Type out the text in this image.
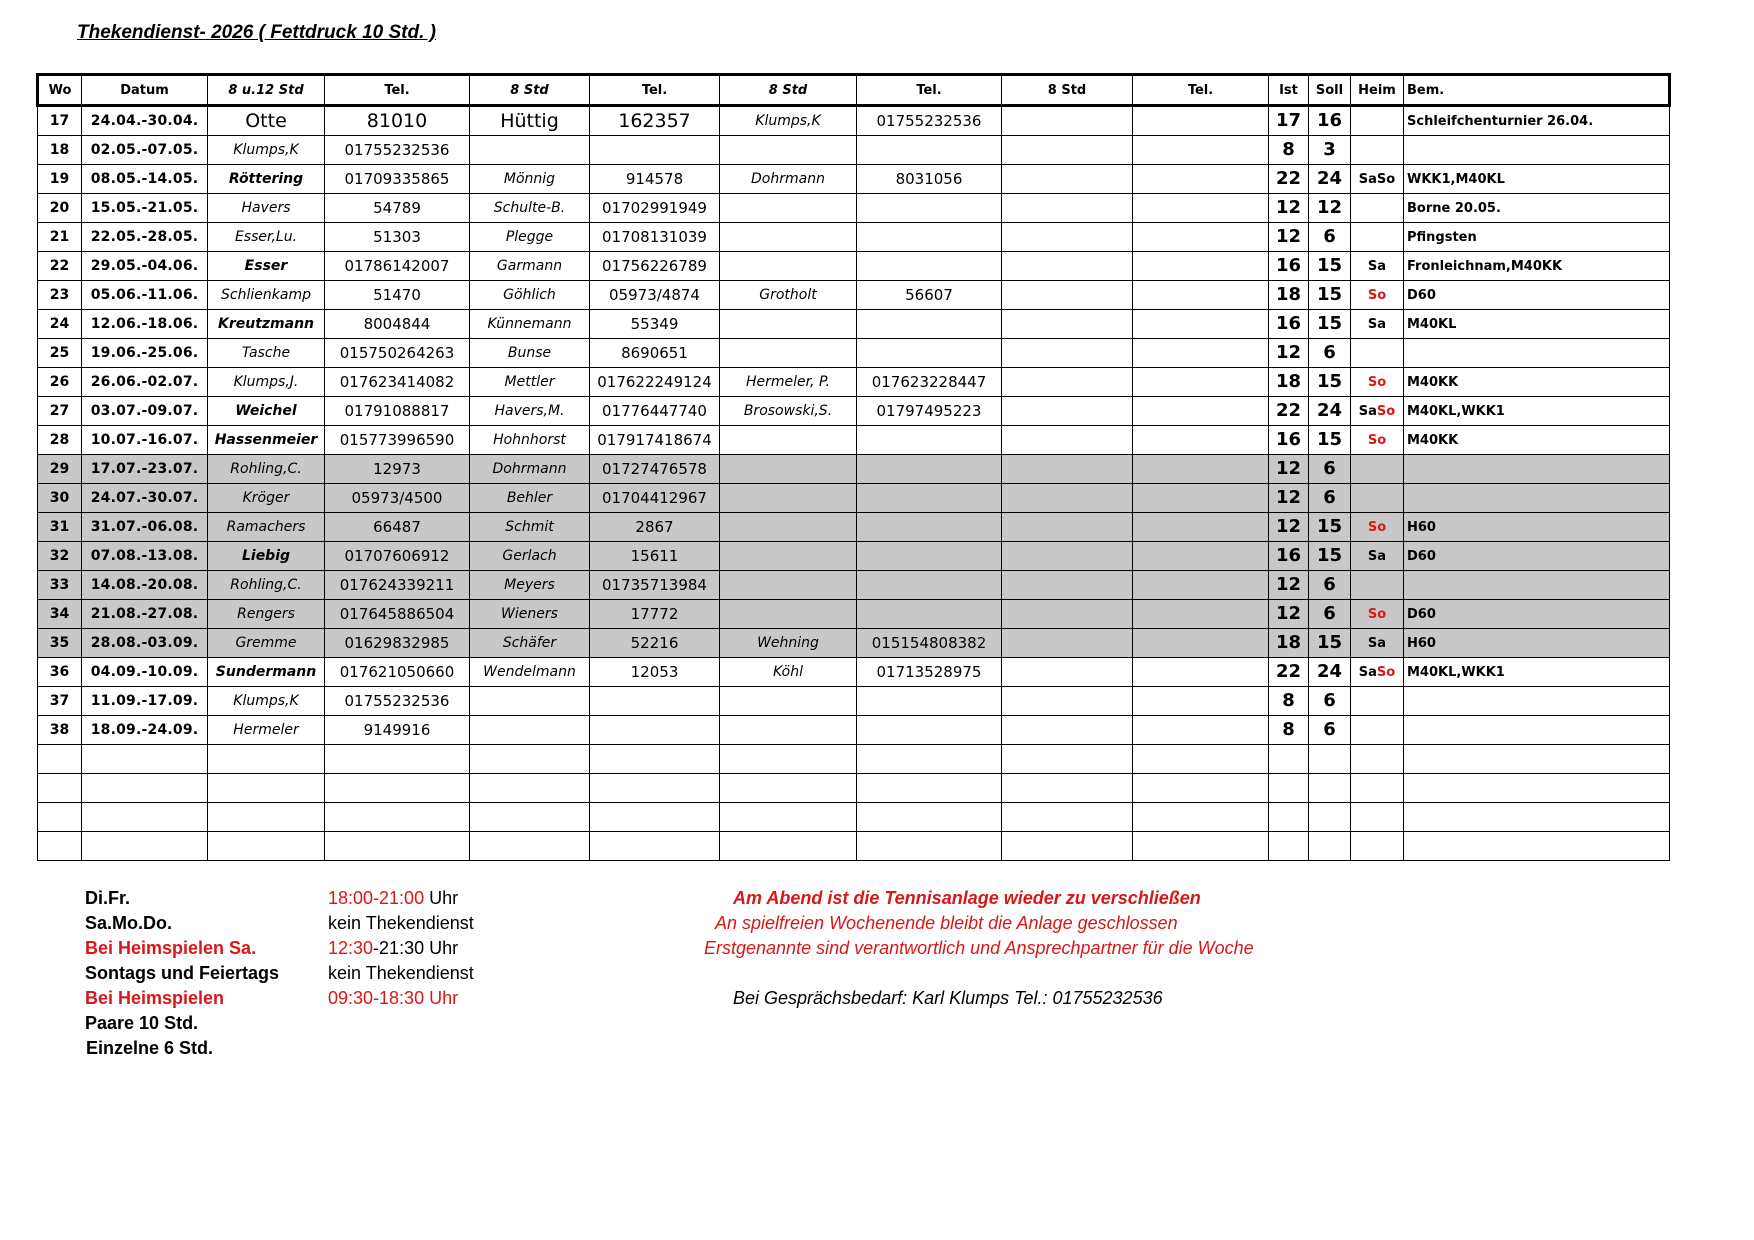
Thekendienst- 2026 ( Fettdruck 10 Std. )
Wo	Datum	8 u.12 Std	Tel.	8 Std	Tel.	8 Std	Tel.	8 Std	Tel.	Ist	Soll	Heim	Bem.
17	24.04.-30.04.	Otte	81010	Hüttig	162357	Klumps,K	01755232536			17	16		Schleifchenturnier 26.04.
18	02.05.-07.05.	Klumps,K	01755232536							8	3		
19	08.05.-14.05.	Röttering	01709335865	Mönnig	914578	Dohrmann	8031056			22	24	SaSo	WKK1,M40KL
20	15.05.-21.05.	Havers	54789	Schulte-B.	01702991949					12	12		Borne 20.05.
21	22.05.-28.05.	Esser,Lu.	51303	Plegge	01708131039					12	6		Pfingsten
22	29.05.-04.06.	Esser	01786142007	Garmann	01756226789					16	15	Sa	Fronleichnam,M40KK
23	05.06.-11.06.	Schlienkamp	51470	Göhlich	05973/4874	Grotholt	56607			18	15	So	D60
24	12.06.-18.06.	Kreutzmann	8004844	Künnemann	55349					16	15	Sa	M40KL
25	19.06.-25.06.	Tasche	015750264263	Bunse	8690651					12	6		
26	26.06.-02.07.	Klumps,J.	017623414082	Mettler	017622249124	Hermeler, P.	017623228447			18	15	So	M40KK
27	03.07.-09.07.	Weichel	01791088817	Havers,M.	01776447740	Brosowski,S.	01797495223			22	24	SaSo	M40KL,WKK1
28	10.07.-16.07.	Hassenmeier	015773996590	Hohnhorst	017917418674					16	15	So	M40KK
29	17.07.-23.07.	Rohling,C.	12973	Dohrmann	01727476578					12	6		
30	24.07.-30.07.	Kröger	05973/4500	Behler	01704412967					12	6		
31	31.07.-06.08.	Ramachers	66487	Schmit	2867					12	15	So	H60
32	07.08.-13.08.	Liebig	01707606912	Gerlach	15611					16	15	Sa	D60
33	14.08.-20.08.	Rohling,C.	017624339211	Meyers	01735713984					12	6		
34	21.08.-27.08.	Rengers	017645886504	Wieners	17772					12	6	So	D60
35	28.08.-03.09.	Gremme	01629832985	Schäfer	52216	Wehning	015154808382			18	15	Sa	H60
36	04.09.-10.09.	Sundermann	017621050660	Wendelmann	12053	Köhl	01713528975			22	24	SaSo	M40KL,WKK1
37	11.09.-17.09.	Klumps,K	01755232536							8	6		
38	18.09.-24.09.	Hermeler	9149916							8	6		

Di.Fr.	18:00-21:00 Uhr
Sa.Mo.Do.	kein Thekendienst
Bei Heimspielen Sa.	12:30-21:30 Uhr
Sontags und Feiertags	kein Thekendienst
Bei Heimspielen	09:30-18:30 Uhr
Paare 10 Std.
Einzelne 6 Std.
Am Abend ist die Tennisanlage wieder zu verschließen
An spielfreien Wochenende bleibt die Anlage geschlossen
Erstgenannte sind verantwortlich und Ansprechpartner für die Woche
Bei Gesprächsbedarf: Karl Klumps Tel.: 01755232536
